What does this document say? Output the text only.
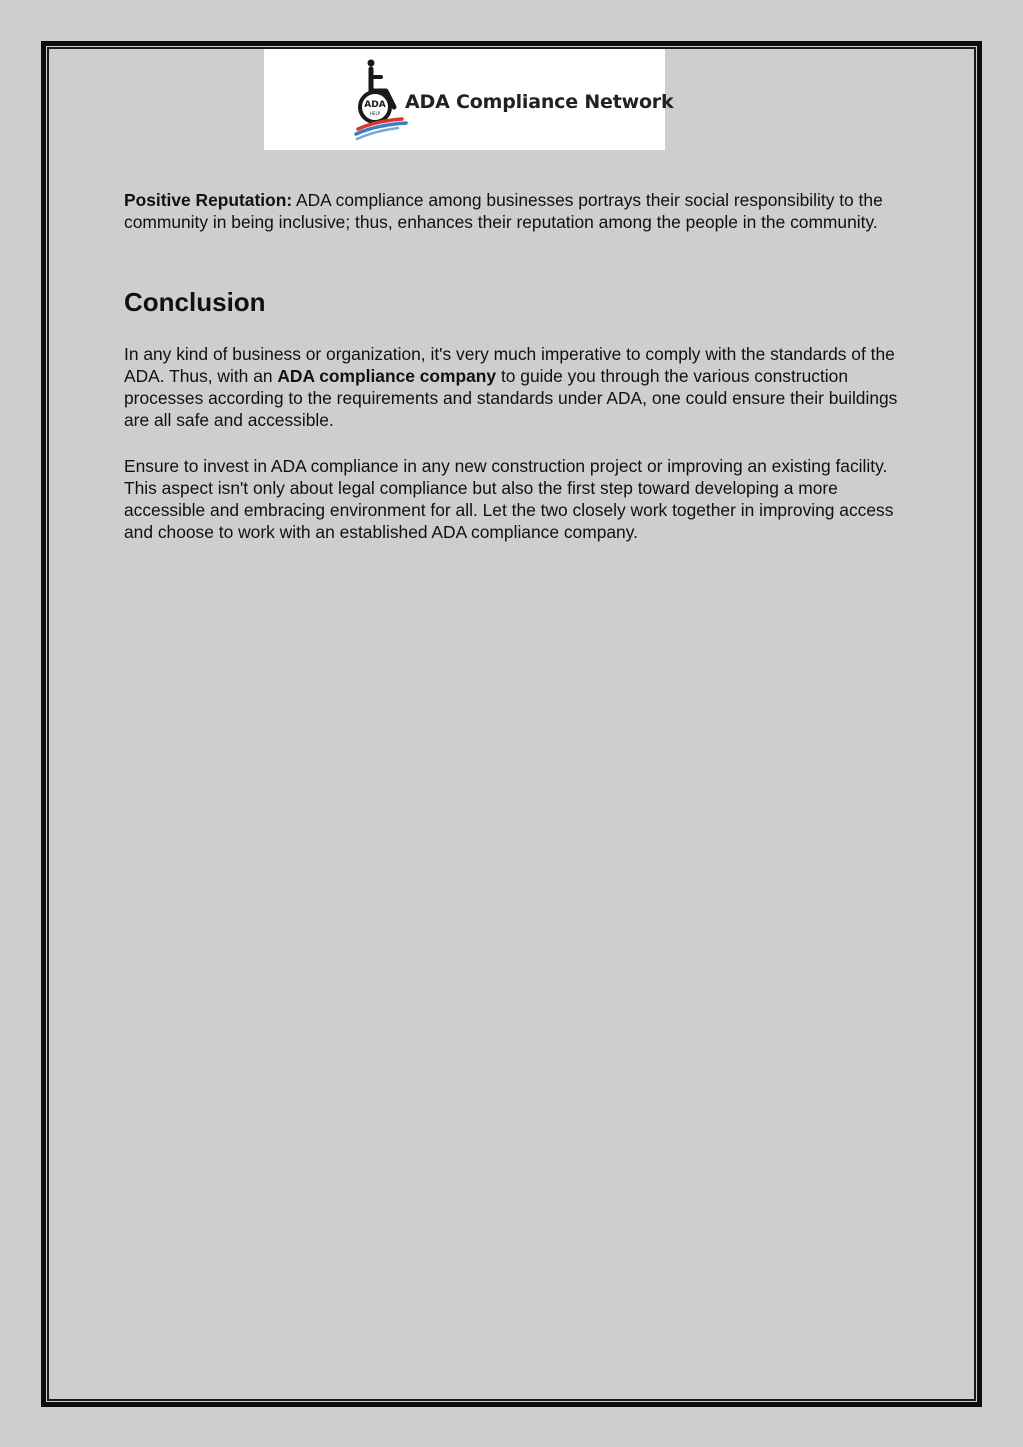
ADA
HELP
ADA Compliance Network

Positive Reputation: ADA compliance among businesses portrays their social responsibility to the community in being inclusive; thus, enhances their reputation among the people in the community.

Conclusion

In any kind of business or organization, it's very much imperative to comply with the standards of the ADA. Thus, with an ADA compliance company to guide you through the various construction processes according to the requirements and standards under ADA, one could ensure their buildings are all safe and accessible.

Ensure to invest in ADA compliance in any new construction project or improving an existing facility. This aspect isn't only about legal compliance but also the first step toward developing a more accessible and embracing environment for all. Let the two closely work together in improving access and choose to work with an established ADA compliance company.
